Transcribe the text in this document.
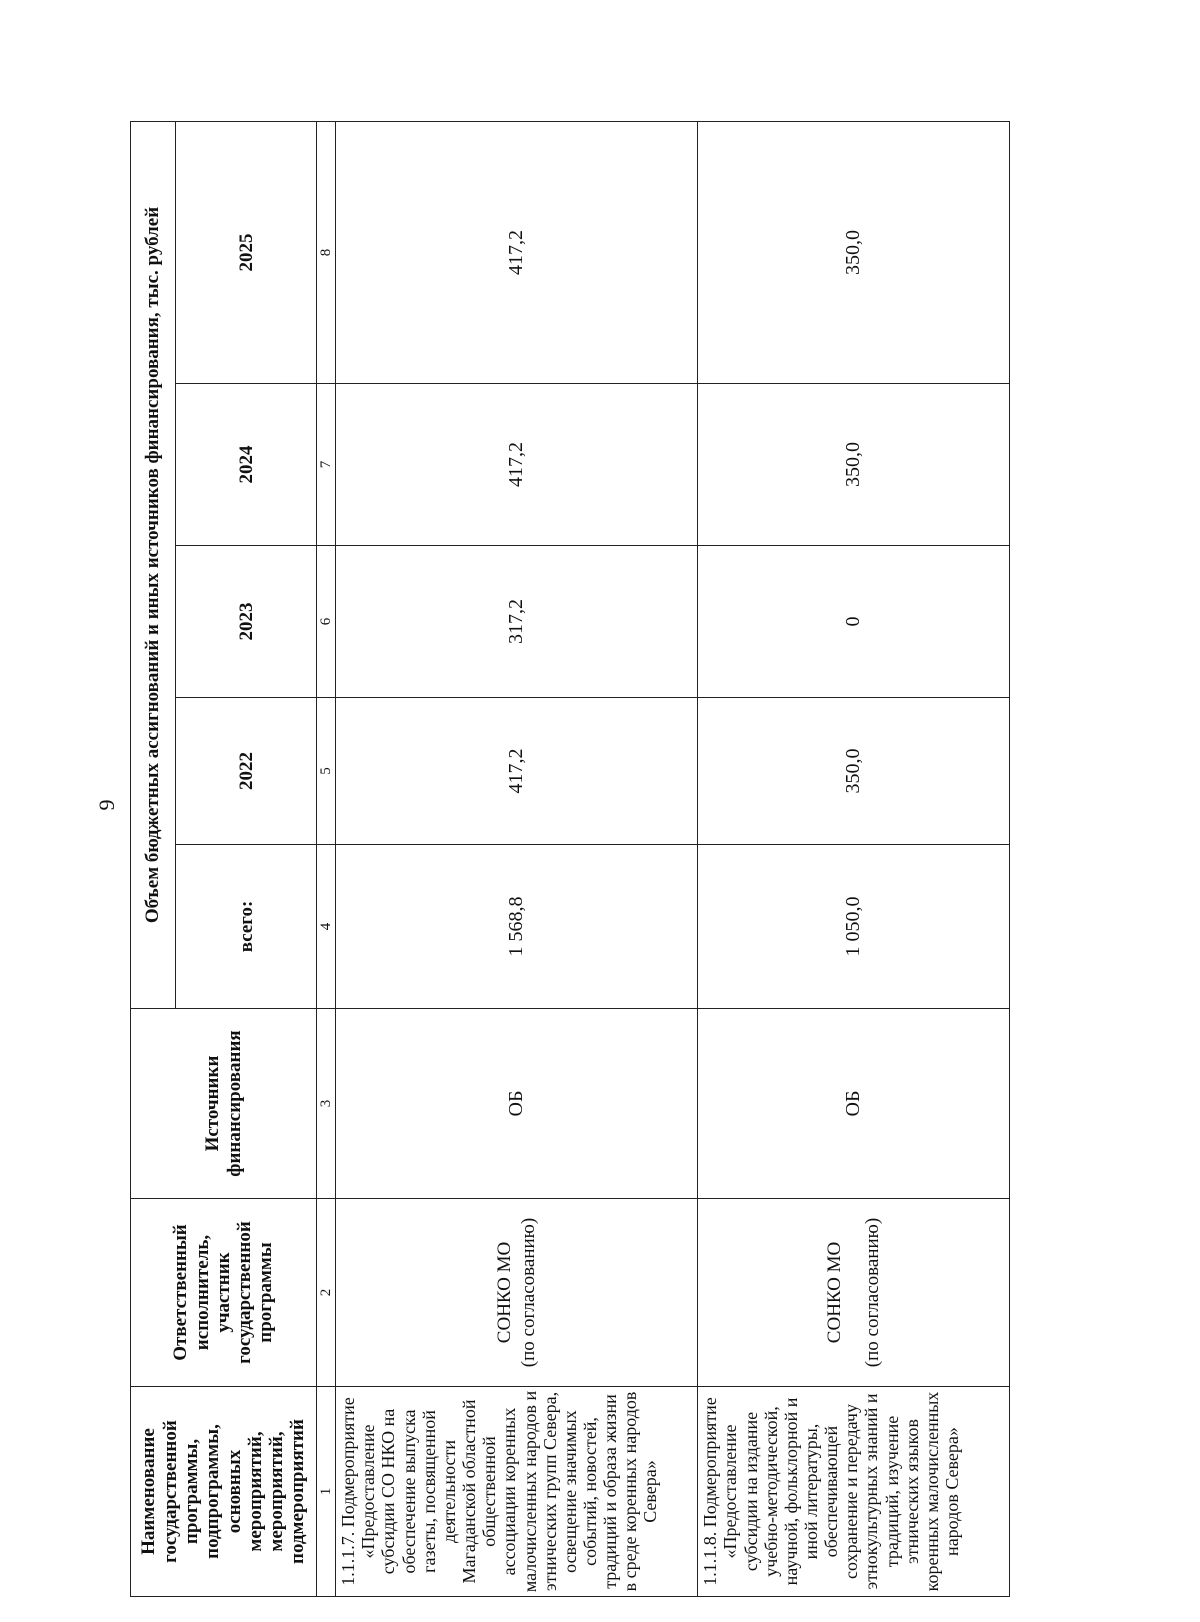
9
Наименование государственной программы, подпрограммы, основных мероприятий, мероприятий, подмероприятий	Ответственный исполнитель, участник государственной программы	Источники финансирования	Объем бюджетных ассигнований и иных источников финансирования, тыс. рублей				
			всего:	2022	2023	2024	2025
1	2	3	4	5	6	7	8
1.1.1.7. Подмероприятие «Предоставление субсидии СО НКО на обеспечение выпуска газеты, посвященной деятельности Магаданской областной общественной ассоциации коренных малочисленных народов и этнических групп Севера, освещение значимых событий, новостей, традиций и образа жизни в среде коренных народов Севера»	СОНКО МО (по согласованию)	ОБ	1 568,8	417,2	317,2	417,2	417,2
1.1.1.8. Подмероприятие «Предоставление субсидии на издание учебно-методической, научной, фольклорной и иной литературы, обеспечивающей сохранение и передачу этнокультурных знаний и традиций, изучение этнических языков коренных малочисленных народов Севера»	СОНКО МО (по согласованию)	ОБ	1 050,0	350,0	0	350,0	350,0
